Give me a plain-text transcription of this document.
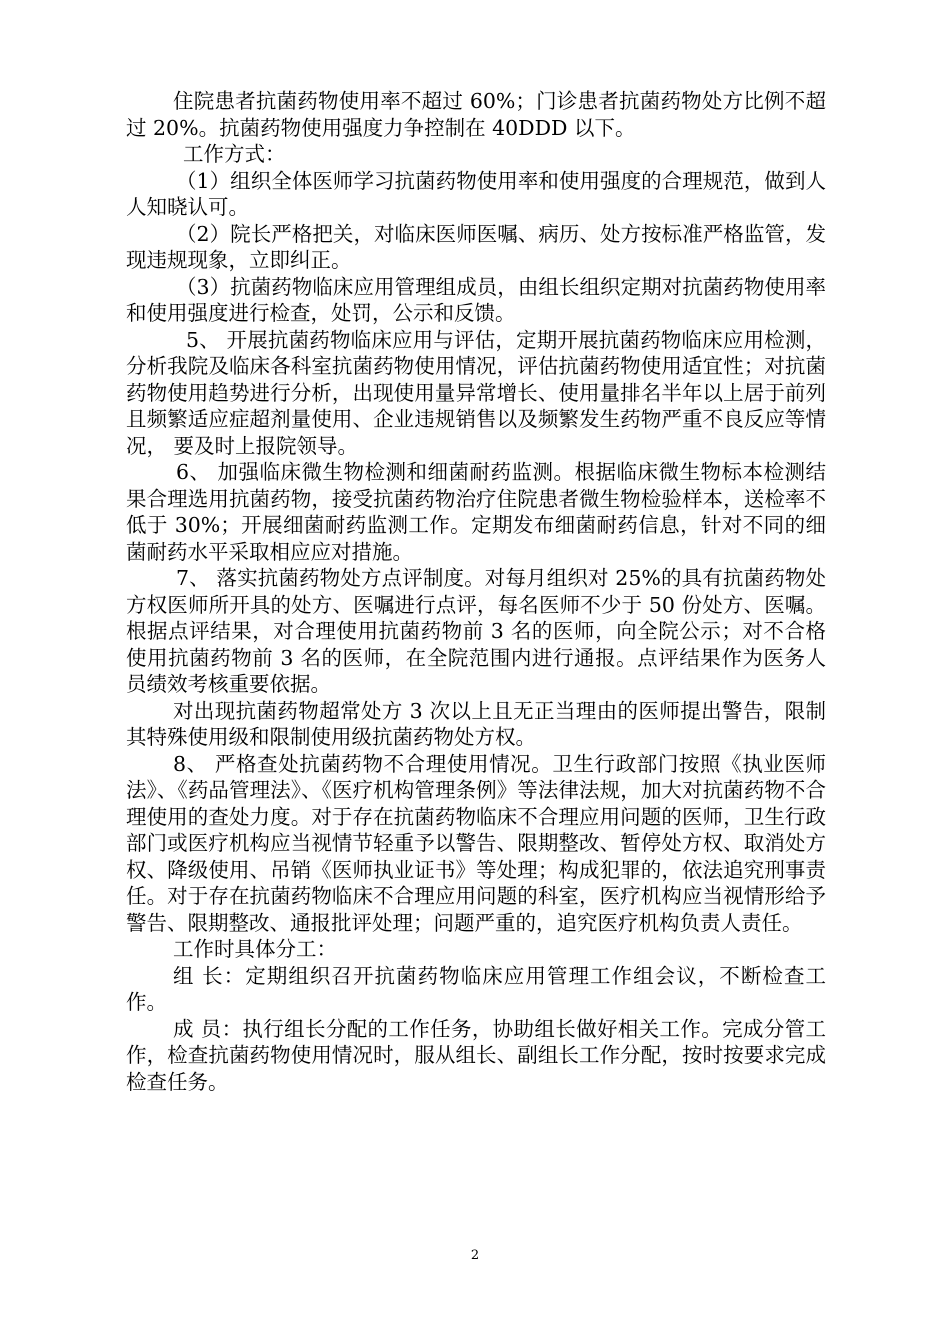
住院患者抗菌药物使用率不超过 60%；门诊患者抗菌药物处方比例不超过 20%。抗菌药物使用强度力争控制在 40DDD 以下。

工作方式：

（1）组织全体医师学习抗菌药物使用率和使用强度的合理规范，做到人人知晓认可。

（2）院长严格把关，对临床医师医嘱、病历、处方按标准严格监管，发现违规现象，立即纠正。

（3）抗菌药物临床应用管理组成员，由组长组织定期对抗菌药物使用率和使用强度进行检查，处罚，公示和反馈。

5、 开展抗菌药物临床应用与评估，定期开展抗菌药物临床应用检测，分析我院及临床各科室抗菌药物使用情况，评估抗菌药物使用适宜性；对抗菌药物使用趋势进行分析，出现使用量异常增长、使用量排名半年以上居于前列且频繁适应症超剂量使用、企业违规销售以及频繁发生药物严重不良反应等情况， 要及时上报院领导。

6、 加强临床微生物检测和细菌耐药监测。根据临床微生物标本检测结果合理选用抗菌药物，接受抗菌药物治疗住院患者微生物检验样本，送检率不低于 30%；开展细菌耐药监测工作。定期发布细菌耐药信息，针对不同的细菌耐药水平采取相应应对措施。

7、 落实抗菌药物处方点评制度。对每月组织对 25%的具有抗菌药物处方权医师所开具的处方、医嘱进行点评，每名医师不少于 50 份处方、医嘱。根据点评结果，对合理使用抗菌药物前 3 名的医师，向全院公示；对不合格使用抗菌药物前 3 名的医师，在全院范围内进行通报。点评结果作为医务人员绩效考核重要依据。

对出现抗菌药物超常处方 3 次以上且无正当理由的医师提出警告，限制其特殊使用级和限制使用级抗菌药物处方权。

8、 严格查处抗菌药物不合理使用情况。卫生行政部门按照《执业医师法》、《药品管理法》、《医疗机构管理条例》等法律法规，加大对抗菌药物不合理使用的查处力度。对于存在抗菌药物临床不合理应用问题的医师，卫生行政部门或医疗机构应当视情节轻重予以警告、限期整改、暂停处方权、取消处方权、降级使用、吊销《医师执业证书》等处理；构成犯罪的，依法追究刑事责任。对于存在抗菌药物临床不合理应用问题的科室，医疗机构应当视情形给予警告、限期整改、通报批评处理；问题严重的，追究医疗机构负责人责任。

工作时具体分工：

组 长：定期组织召开抗菌药物临床应用管理工作组会议，不断检查工作。

成 员：执行组长分配的工作任务，协助组长做好相关工作。完成分管工作，检查抗菌药物使用情况时，服从组长、副组长工作分配，按时按要求完成检查任务。

2
